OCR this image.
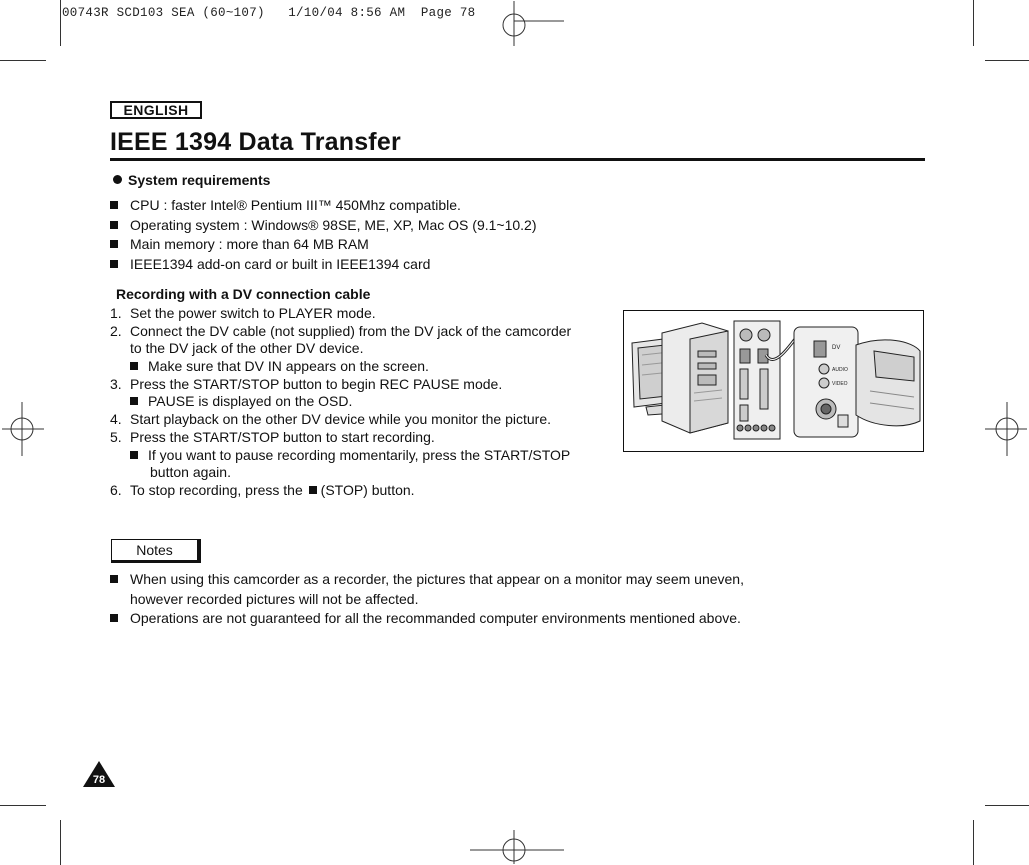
00743R SCD103 SEA (60~107)   1/10/04 8:56 AM  Page 78
ENGLISH
IEEE 1394 Data Transfer
System requirements
CPU : faster Intel® Pentium III™ 450Mhz compatible.
Operating system : Windows® 98SE, ME, XP, Mac OS (9.1~10.2)
Main memory : more than 64 MB RAM
IEEE1394 add-on card or built in IEEE1394 card
Recording with a DV connection cable
1. Set the power switch to PLAYER mode.
2. Connect the DV cable (not supplied) from the DV jack of the camcorder
to the DV jack of the other DV device.
Make sure that DV IN appears on the screen.
3. Press the START/STOP button to begin REC PAUSE mode.
PAUSE is displayed on the OSD.
4. Start playback on the other DV device while you monitor the picture.
5. Press the START/STOP button to start recording.
If you want to pause recording momentarily, press the START/STOP
button again.
6. To stop recording, press the (STOP) button.
DV
AUDIO
VIDEO
Notes
When using this camcorder as a recorder, the pictures that appear on a monitor may seem uneven,
however recorded pictures will not be affected.
Operations are not guaranteed for all the recommanded computer environments mentioned above.
78
